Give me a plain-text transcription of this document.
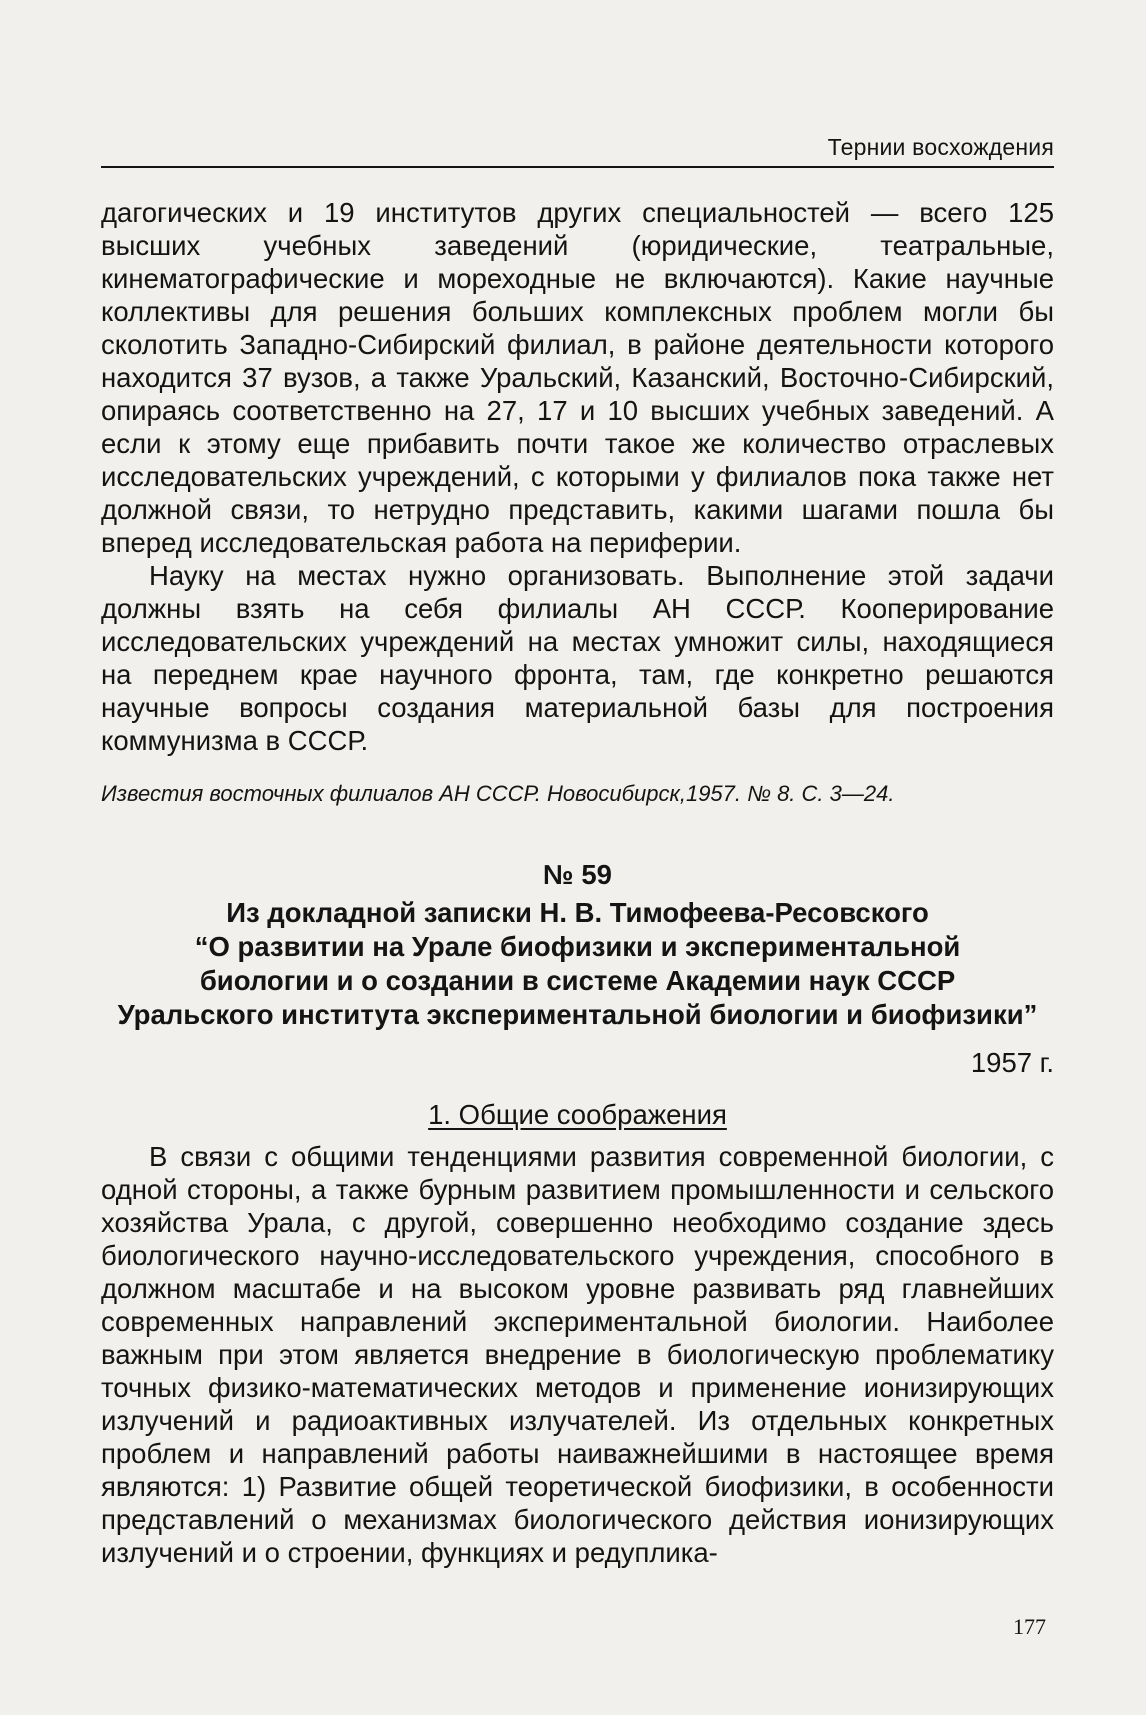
Тернии восхождения

дагогических и 19 институтов других специальностей — всего 125 высших учебных заведений (юридические, театральные, кинематографические и мореходные не включаются). Какие научные коллективы для решения больших комплексных проблем могли бы сколотить Западно-Сибирский филиал, в районе деятельности которого находится 37 вузов, а также Уральский, Казанский, Восточно-Сибирский, опираясь соответственно на 27, 17 и 10 высших учебных заведений. А если к этому еще прибавить почти такое же количество отраслевых исследовательских учреждений, с которыми у филиалов пока также нет должной связи, то нетрудно представить, какими шагами пошла бы вперед исследовательская работа на периферии.

Науку на местах нужно организовать. Выполнение этой задачи должны взять на себя филиалы АН СССР. Кооперирование исследовательских учреждений на местах умножит силы, находящиеся на переднем крае научного фронта, там, где конкретно решаются научные вопросы создания материальной базы для построения коммунизма в СССР.

Известия восточных филиалов АН СССР. Новосибирск,1957. № 8. С. 3—24.

№ 59

Из докладной записки Н. В. Тимофеева-Ресовского
“О развитии на Урале биофизики и экспериментальной
биологии и о создании в системе Академии наук СССР
Уральского института экспериментальной биологии и биофизики”

1957 г.

1. Общие соображения

В связи с общими тенденциями развития современной биологии, с одной стороны, а также бурным развитием промышленности и сельского хозяйства Урала, с другой, совершенно необходимо создание здесь биологического научно-исследовательского учреждения, способного в должном масштабе и на высоком уровне развивать ряд главнейших современных направлений экспериментальной биологии. Наиболее важным при этом является внедрение в биологическую проблематику точных физико-математических методов и применение ионизирующих излучений и радиоактивных излучателей. Из отдельных конкретных проблем и направлений работы наиважнейшими в настоящее время являются: 1) Развитие общей теоретической биофизики, в особенности представлений о механизмах биологического действия ионизирующих излучений и о строении, функциях и редуплика-

177
